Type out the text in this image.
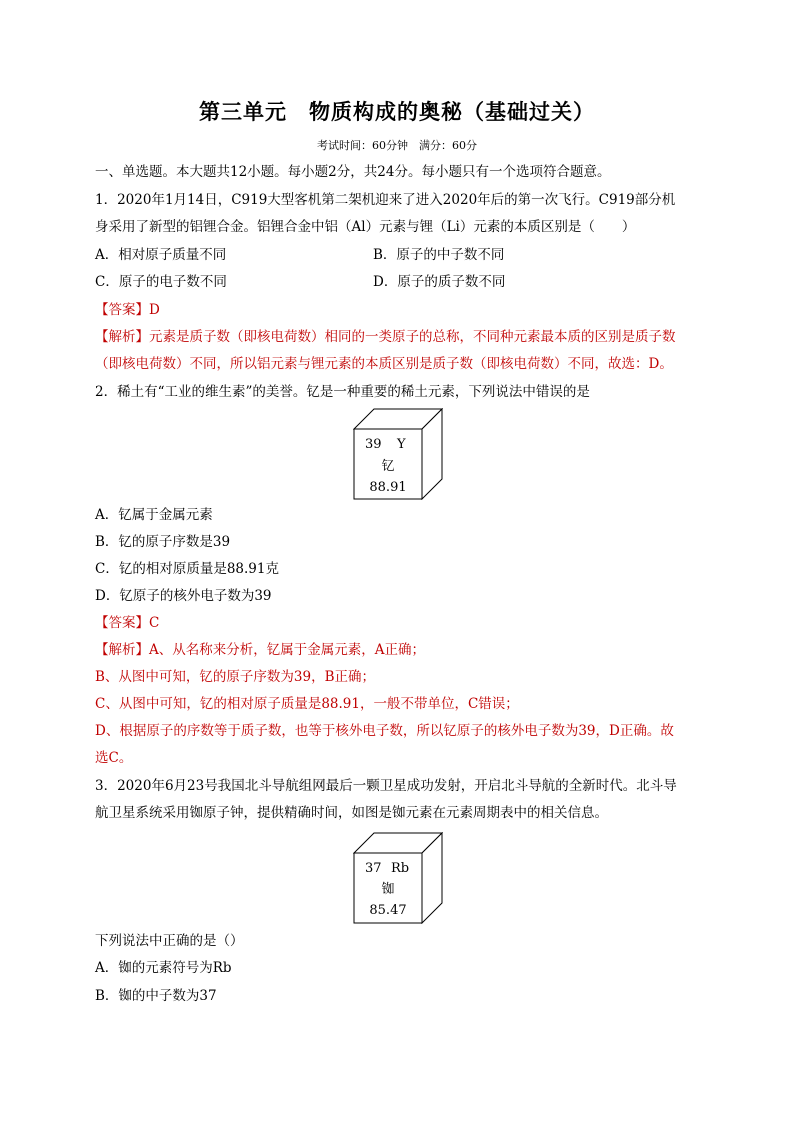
第三单元　物质构成的奥秘（基础过关）
考试时间：60分钟　满分：60分
一、单选题。本大题共12小题。每小题2分，共24分。每小题只有一个选项符合题意。
1．2020年1月14日，C919大型客机第二架机迎来了进入2020年后的第一次飞行。C919部分机
身采用了新型的铝锂合金。铝锂合金中铝（Al）元素与锂（Li）元素的本质区别是（　　）
A．相对原子质量不同	B．原子的中子数不同
C．原子的电子数不同	D．原子的质子数不同
【答案】D
【解析】元素是质子数（即核电荷数）相同的一类原子的总称，不同种元素最本质的区别是质子数
（即核电荷数）不同，所以铝元素与锂元素的本质区别是质子数（即核电荷数）不同，故选：D。
2．稀土有“工业的维生素”的美誉。钇是一种重要的稀土元素，下列说法中错误的是
39 Y
钇
88.91
A．钇属于金属元素
B．钇的原子序数是39
C．钇的相对原质量是88.91克
D．钇原子的核外电子数为39
【答案】C
【解析】A、从名称来分析，钇属于金属元素，A正确；
B、从图中可知，钇的原子序数为39，B正确；
C、从图中可知，钇的相对原子质量是88.91，一般不带单位，C错误；
D、根据原子的序数等于质子数，也等于核外电子数，所以钇原子的核外电子数为39，D正确。故
选C。
3．2020年6月23号我国北斗导航组网最后一颗卫星成功发射，开启北斗导航的全新时代。北斗导
航卫星系统采用铷原子钟，提供精确时间，如图是铷元素在元素周期表中的相关信息。
37 Rb
铷
85.47
下列说法中正确的是（）
A．铷的元素符号为Rb
B．铷的中子数为37
